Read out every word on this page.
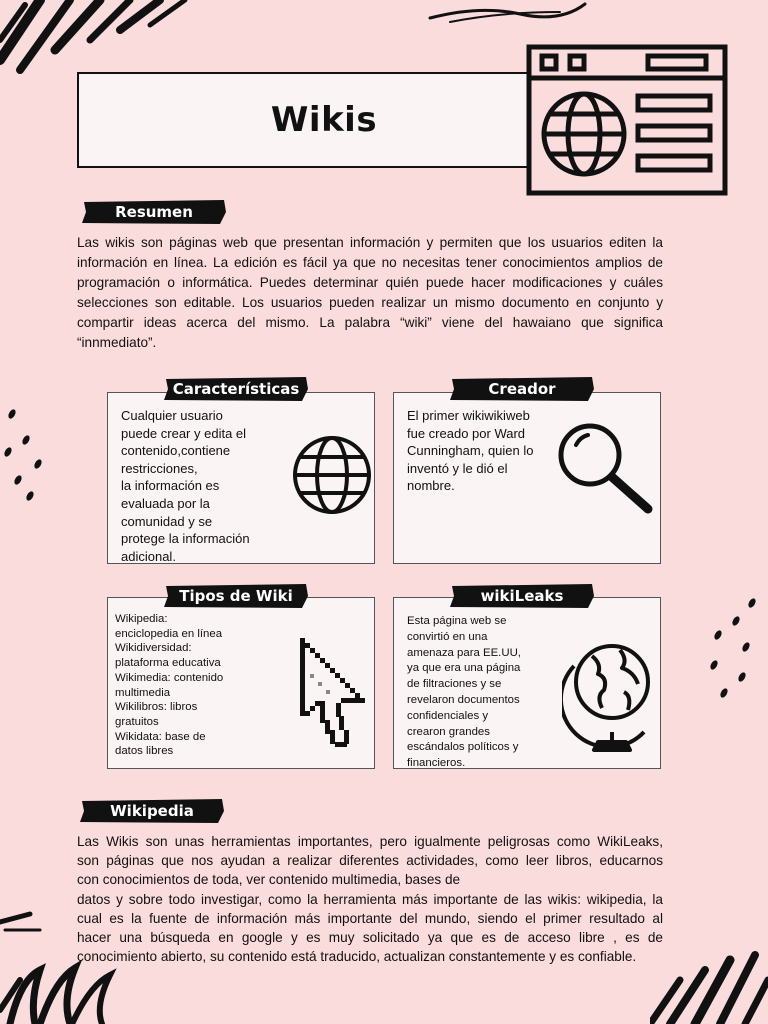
Wikis
Resumen
Las wikis son páginas web que presentan información y permiten que los usuarios editen la información en línea. La edición es fácil ya que no necesitas tener conocimientos amplios de programación o informática. Puedes determinar quién puede hacer modificaciones y cuáles selecciones son editable. Los usuarios pueden realizar un mismo documento en conjunto y compartir ideas acerca del mismo. La palabra “wiki” viene del hawaiano que significa “innmediato”.
Cualquier usuario
puede crear y edita el
contenido,contiene
restricciones,
la información es
evaluada por la
comunidad y se
protege la información
adicional.
Características
El primer wikiwikiweb
fue creado por Ward
Cunningham, quien lo
inventó y le dió el
nombre.
Creador
Wikipedia:
enciclopedia en línea
Wikidiversidad:
plataforma educativa
Wikimedia: contenido
multimedia
Wikilibros: libros
gratuitos
Wikidata: base de
datos libres
Tipos de Wiki
Esta página web se
convirtió en una
amenaza para EE.UU,
ya que era una página
de filtraciones y se
revelaron documentos
confidenciales y
crearon grandes
escándalos políticos y
financieros.
wikiLeaks
Wikipedia
Las Wikis son unas herramientas importantes, pero igualmente peligrosas como WikiLeaks,
son páginas que nos ayudan a realizar diferentes actividades, como leer libros, educarnos
con conocimientos de toda, ver contenido multimedia, bases de
datos y sobre todo investigar, como la herramienta más importante de las wikis: wikipedia, la
cual es la fuente de información más importante del mundo, siendo el primer resultado al
hacer una búsqueda en google y es muy solicitado ya que es de acceso libre , es de
conocimiento abierto, su contenido está traducido, actualizan constantemente y es confiable.
